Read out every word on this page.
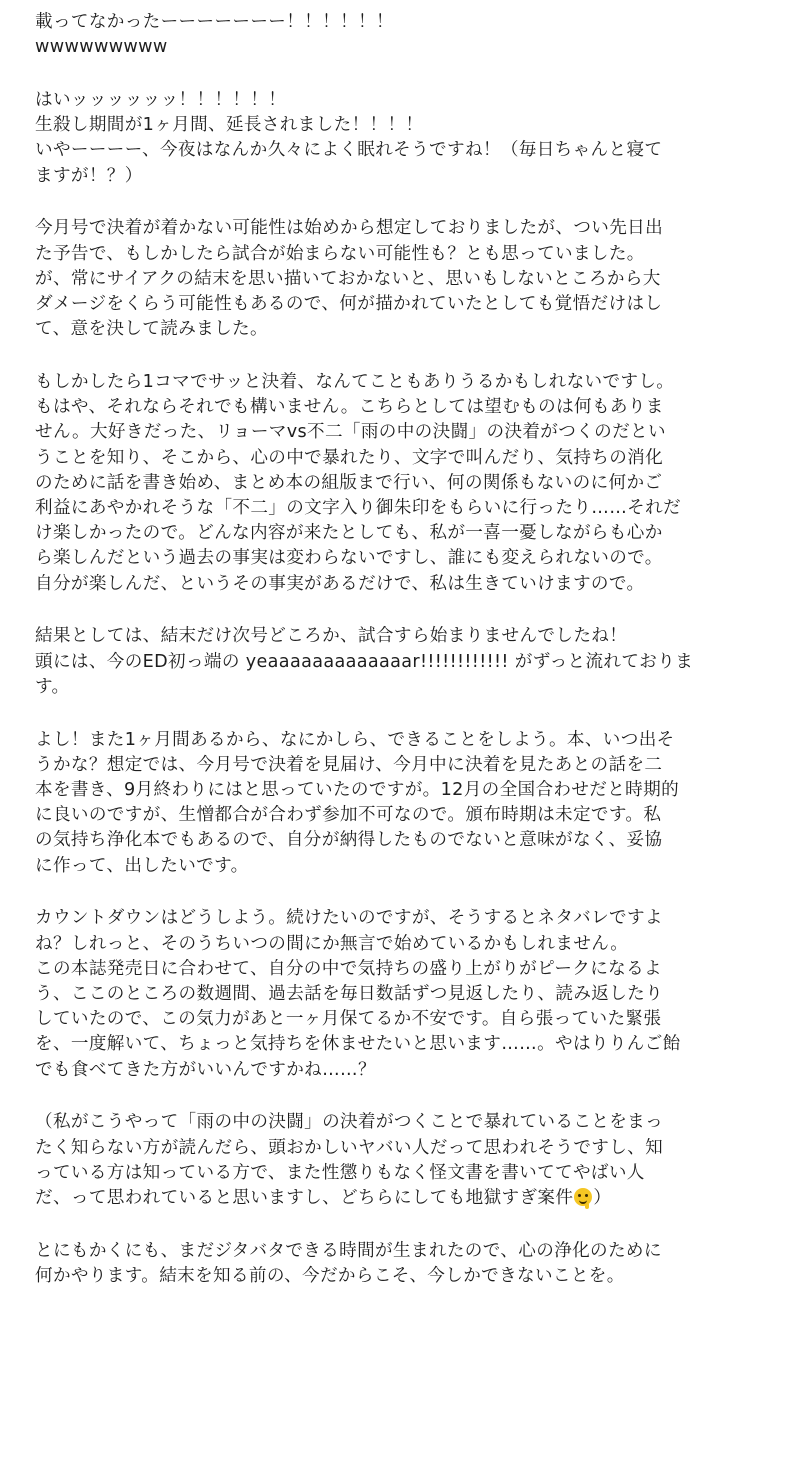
載ってなかったーーーーーーー！！！！！！
wwwwwwwww
はいッッッッッッ！！！！！！
生殺し期間が1ヶ月間、延長されました！！！！
いやーーーー、今夜はなんか久々によく眠れそうですね！（毎日ちゃんと寝て
ますが！？）
今月号で決着が着かない可能性は始めから想定しておりましたが、つい先日出
た予告で、もしかしたら試合が始まらない可能性も？とも思っていました。
が、常にサイアクの結末を思い描いておかないと、思いもしないところから大
ダメージをくらう可能性もあるので、何が描かれていたとしても覚悟だけはし
て、意を決して読みました。
もしかしたら1コマでサッと決着、なんてこともありうるかもしれないですし。
もはや、それならそれでも構いません。こちらとしては望むものは何もありま
せん。大好きだった、リョーマvs不二「雨の中の決闘」の決着がつくのだとい
うことを知り、そこから、心の中で暴れたり、文字で叫んだり、気持ちの消化
のために話を書き始め、まとめ本の組版まで行い、何の関係もないのに何かご
利益にあやかれそうな「不二」の文字入り御朱印をもらいに行ったり……それだ
け楽しかったので。どんな内容が来たとしても、私が一喜一憂しながらも心か
ら楽しんだという過去の事実は変わらないですし、誰にも変えられないので。
自分が楽しんだ、というその事実があるだけで、私は生きていけますので。
結果としては、結末だけ次号どころか、試合すら始まりませんでしたね！
頭には、今のED初っ端の yeaaaaaaaaaaaaar!!!!!!!!!!!! がずっと流れておりま
す。
よし！また1ヶ月間あるから、なにかしら、できることをしよう。本、いつ出そ
うかな？想定では、今月号で決着を見届け、今月中に決着を見たあとの話を二
本を書き、9月終わりにはと思っていたのですが。12月の全国合わせだと時期的
に良いのですが、生憎都合が合わず参加不可なので。頒布時期は未定です。私
の気持ち浄化本でもあるので、自分が納得したものでないと意味がなく、妥協
に作って、出したいです。
カウントダウンはどうしよう。続けたいのですが、そうするとネタバレですよ
ね？しれっと、そのうちいつの間にか無言で始めているかもしれません。
この本誌発売日に合わせて、自分の中で気持ちの盛り上がりがピークになるよ
う、ここのところの数週間、過去話を毎日数話ずつ見返したり、読み返したり
していたので、この気力があと一ヶ月保てるか不安です。自ら張っていた緊張
を、一度解いて、ちょっと気持ちを休ませたいと思います……。やはりりんご飴
でも食べてきた方がいいんですかね……？
（私がこうやって「雨の中の決闘」の決着がつくことで暴れていることをまっ
たく知らない方が読んだら、頭おかしいヤバい人だって思われそうですし、知
っている方は知っている方で、また性懲りもなく怪文書を書いててやばい人
だ、って思われていると思いますし、どちらにしても地獄すぎ案件 ）
とにもかくにも、まだジタバタできる時間が生まれたので、心の浄化のために
何かやります。結末を知る前の、今だからこそ、今しかできないことを。
